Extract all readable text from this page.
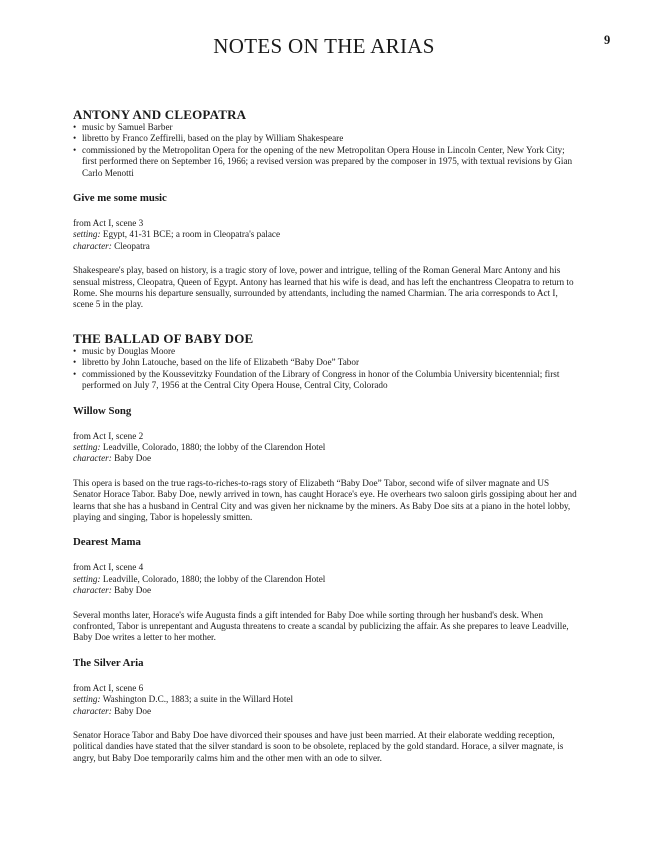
NOTES ON THE ARIAS	9
ANTONY AND CLEOPATRA
• music by Samuel Barber
• libretto by Franco Zeffirelli, based on the play by William Shakespeare
• commissioned by the Metropolitan Opera for the opening of the new Metropolitan Opera House in Lincoln Center, New York City; first performed there on September 16, 1966; a revised version was prepared by the composer in 1975, with textual revisions by Gian Carlo Menotti
Give me some music
from Act I, scene 3
setting: Egypt, 41-31 BCE; a room in Cleopatra's palace
character: Cleopatra

Shakespeare's play, based on history, is a tragic story of love, power and intrigue, telling of the Roman General Marc Antony and his sensual mistress, Cleopatra, Queen of Egypt. Antony has learned that his wife is dead, and has left the enchantress Cleopatra to return to Rome. She mourns his departure sensually, surrounded by attendants, including the named Charmian. The aria corresponds to Act I, scene 5 in the play.

THE BALLAD OF BABY DOE
• music by Douglas Moore
• libretto by John Latouche, based on the life of Elizabeth “Baby Doe” Tabor
• commissioned by the Koussevitzky Foundation of the Library of Congress in honor of the Columbia University bicentennial; first performed on July 7, 1956 at the Central City Opera House, Central City, Colorado
Willow Song
from Act I, scene 2
setting: Leadville, Colorado, 1880; the lobby of the Clarendon Hotel
character: Baby Doe

This opera is based on the true rags-to-riches-to-rags story of Elizabeth “Baby Doe” Tabor, second wife of silver magnate and US Senator Horace Tabor. Baby Doe, newly arrived in town, has caught Horace's eye. He overhears two saloon girls gossiping about her and learns that she has a husband in Central City and was given her nickname by the miners. As Baby Doe sits at a piano in the hotel lobby, playing and singing, Tabor is hopelessly smitten.

Dearest Mama
from Act I, scene 4
setting: Leadville, Colorado, 1880; the lobby of the Clarendon Hotel
character: Baby Doe

Several months later, Horace's wife Augusta finds a gift intended for Baby Doe while sorting through her husband's desk. When confronted, Tabor is unrepentant and Augusta threatens to create a scandal by publicizing the affair. As she prepares to leave Leadville, Baby Doe writes a letter to her mother.

The Silver Aria
from Act I, scene 6
setting: Washington D.C., 1883; a suite in the Willard Hotel
character: Baby Doe

Senator Horace Tabor and Baby Doe have divorced their spouses and have just been married. At their elaborate wedding reception, political dandies have stated that the silver standard is soon to be obsolete, replaced by the gold standard. Horace, a silver magnate, is angry, but Baby Doe temporarily calms him and the other men with an ode to silver.
